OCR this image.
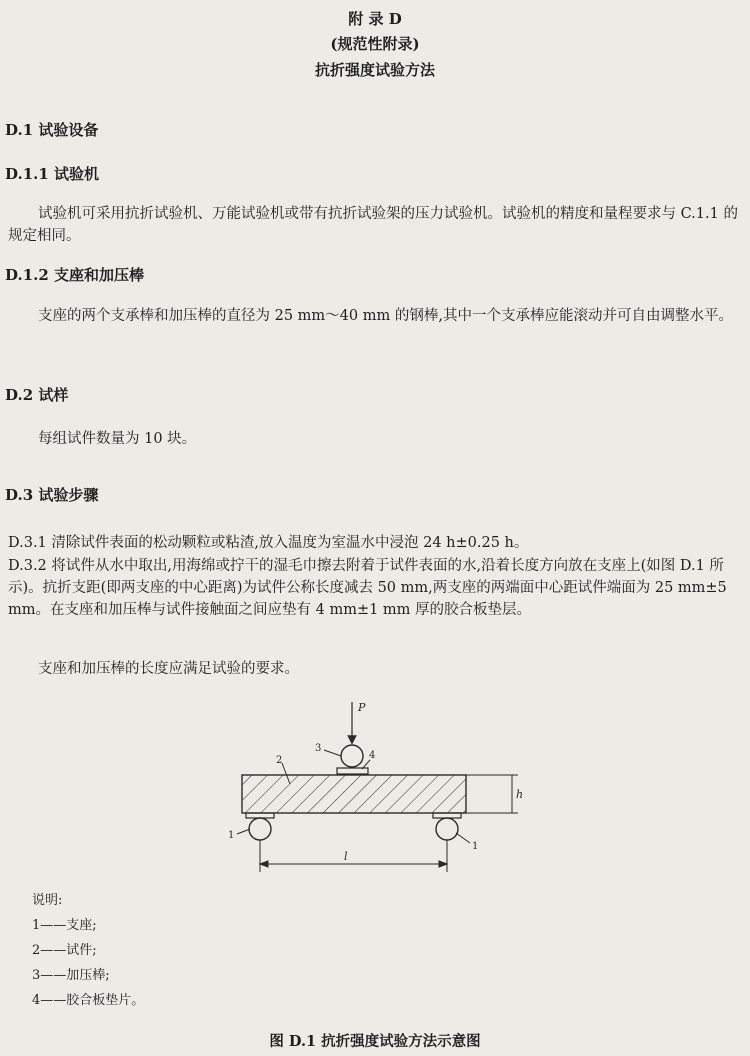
附 录 D
(规范性附录)
抗折强度试验方法
D.1 试验设备
D.1.1 试验机
试验机可采用抗折试验机、万能试验机或带有抗折试验架的压力试验机。试验机的精度和量程要求与 C.1.1 的规定相同。
D.1.2 支座和加压棒
支座的两个支承棒和加压棒的直径为 25 mm～40 mm 的钢棒,其中一个支承棒应能滚动并可自由调整水平。
D.2 试样
每组试件数量为 10 块。
D.3 试验步骤
D.3.1 清除试件表面的松动颗粒或粘渣,放入温度为室温水中浸泡 24 h±0.25 h。
D.3.2 将试件从水中取出,用海绵或拧干的湿毛巾擦去附着于试件表面的水,沿着长度方向放在支座上(如图 D.1 所示)。抗折支距(即两支座的中心距离)为试件公称长度减去 50 mm,两支座的两端面中心距试件端面为 25 mm±5 mm。在支座和加压棒与试件接触面之间应垫有 4 mm±1 mm 厚的胶合板垫层。
支座和加压棒的长度应满足试验的要求。
P
h
l
3
4
2
1
1
说明:
1——支座;
2——试件;
3——加压棒;
4——胶合板垫片。
图 D.1 抗折强度试验方法示意图
